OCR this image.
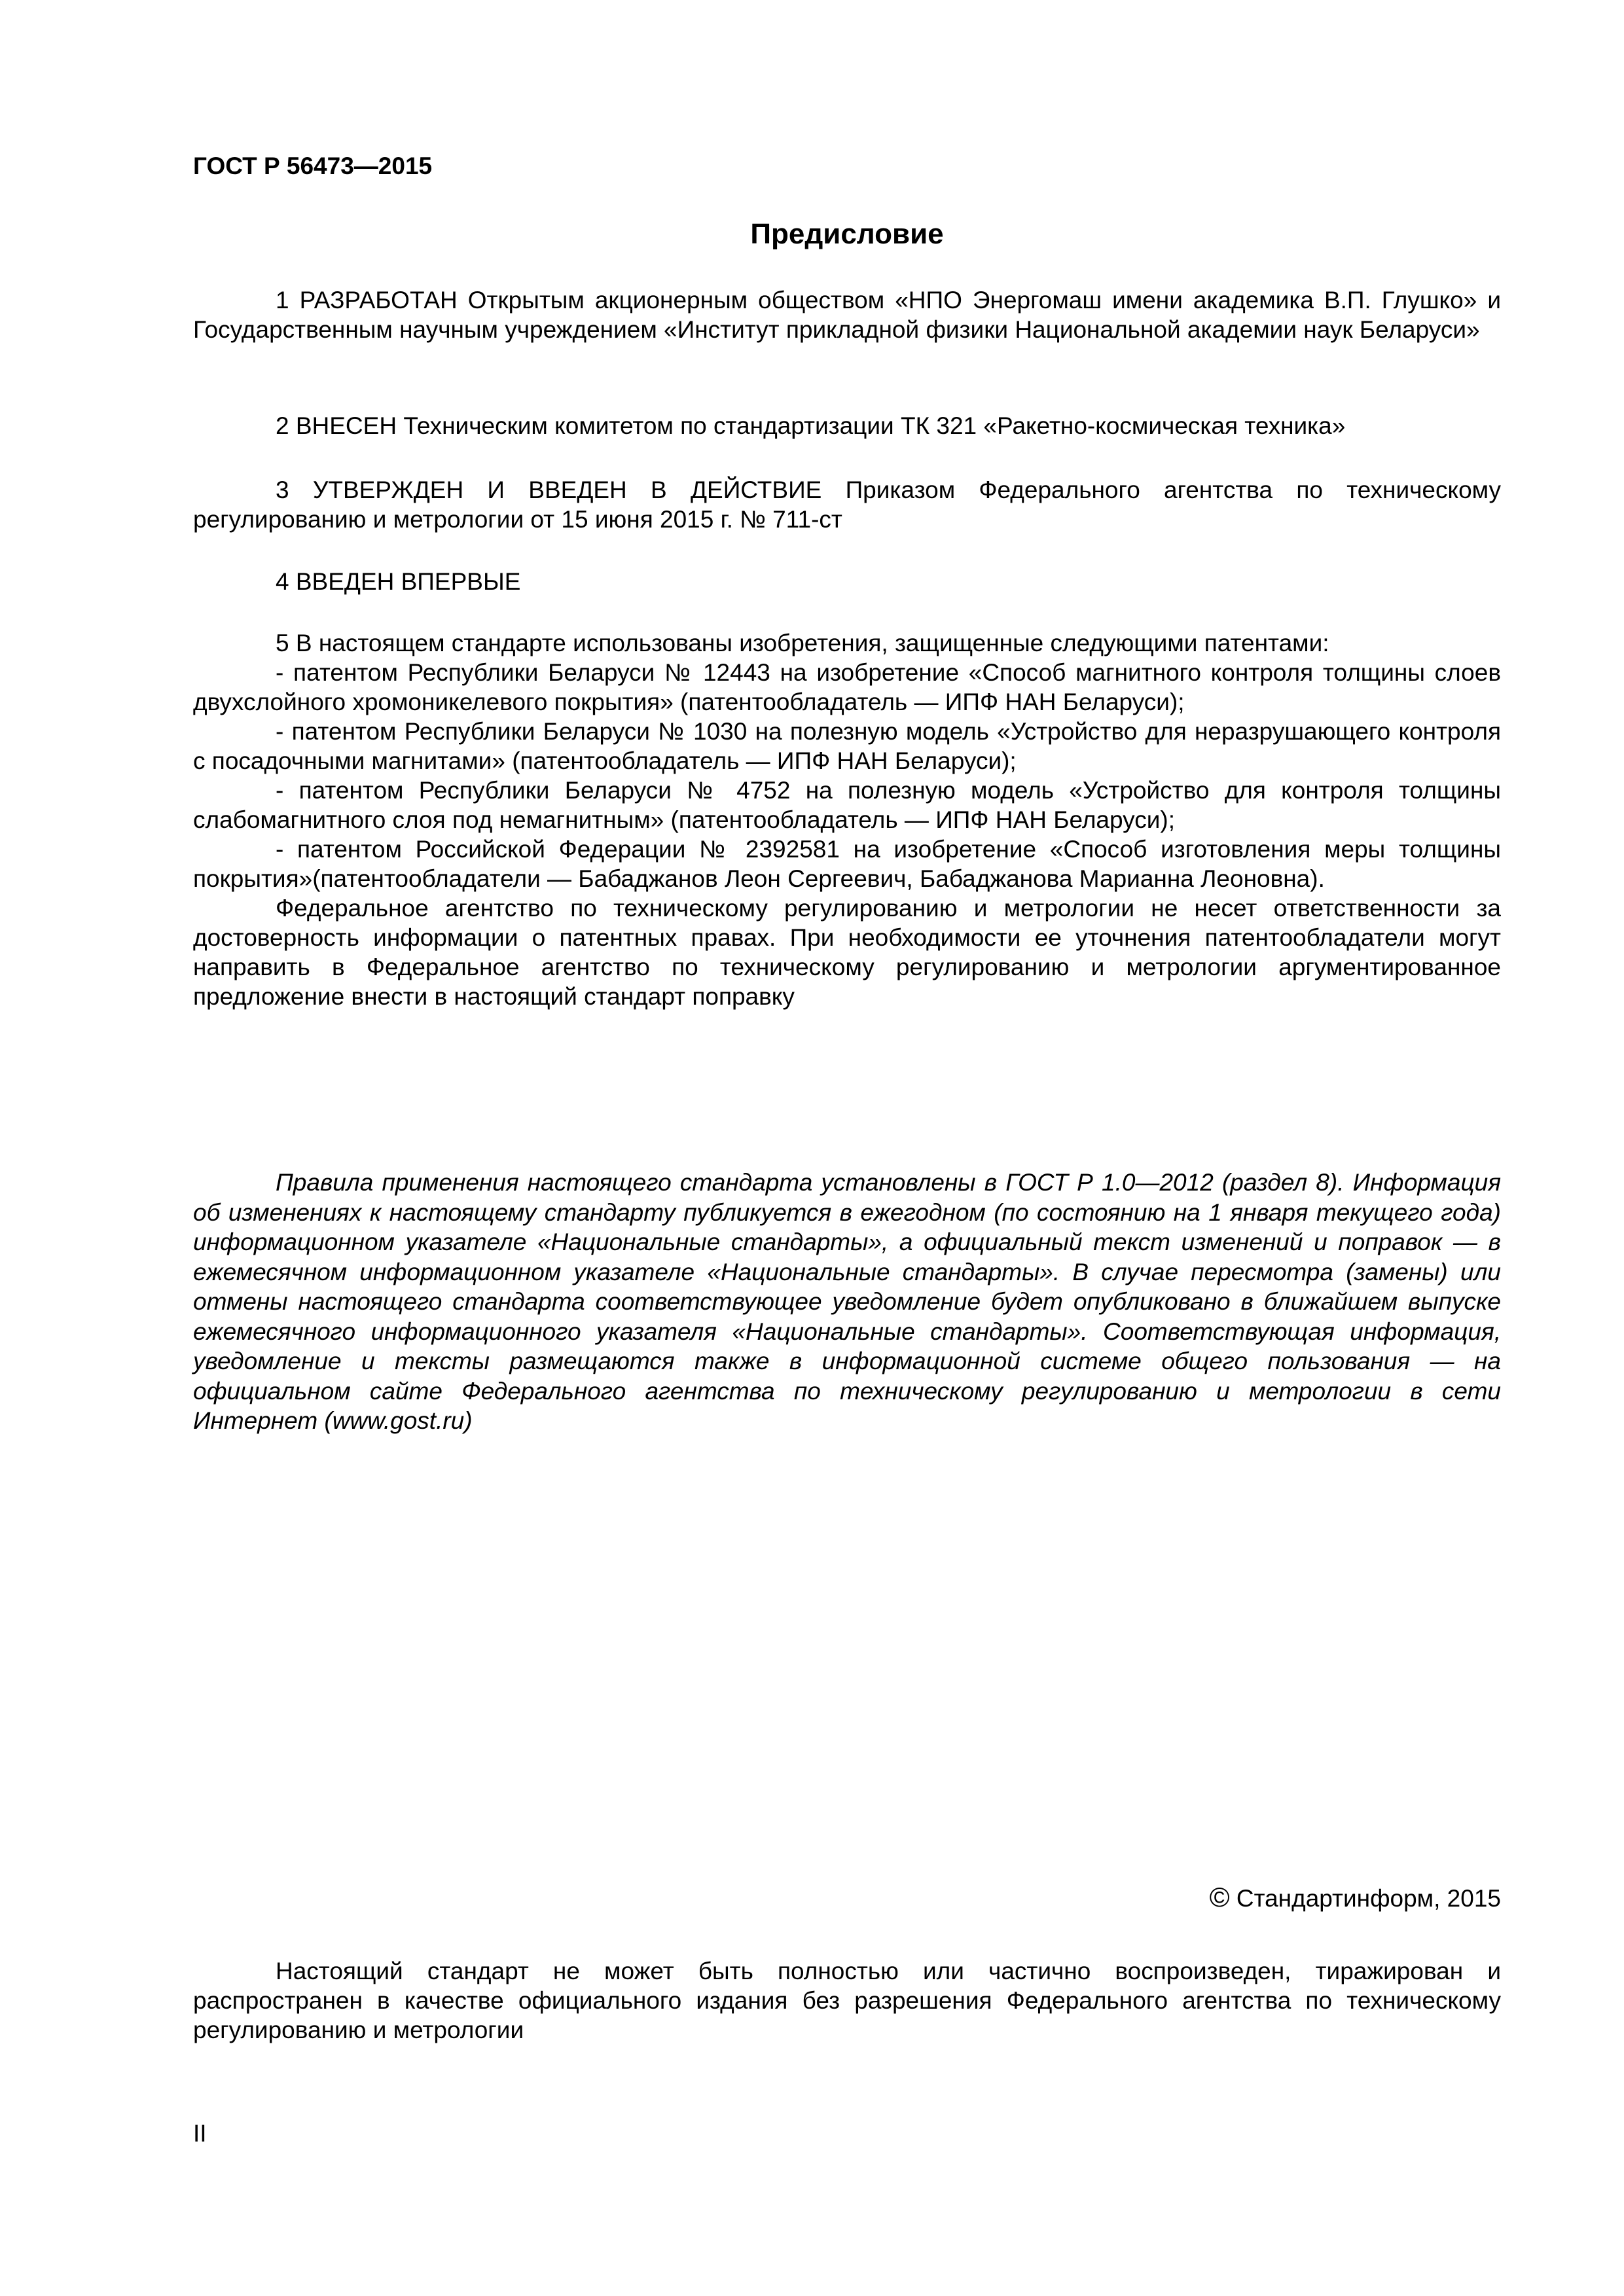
ГОСТ Р 56473—2015

Предисловие

1 РАЗРАБОТАН Открытым акционерным обществом «НПО Энергомаш имени академика В.П. Глушко» и Государственным научным учреждением «Институт прикладной физики Национальной академии наук Беларуси»

2 ВНЕСЕН Техническим комитетом по стандартизации ТК 321 «Ракетно-космическая техника»

3 УТВЕРЖДЕН И ВВЕДЕН В ДЕЙСТВИЕ Приказом Федерального агентства по техническому регулированию и метрологии от 15 июня 2015 г. № 711-ст

4 ВВЕДЕН ВПЕРВЫЕ

5 В настоящем стандарте использованы изобретения, защищенные следующими патентами:

- патентом Республики Беларуси № 12443 на изобретение «Способ магнитного контроля толщины слоев двухслойного хромоникелевого покрытия» (патентообладатель — ИПФ НАН Беларуси);

- патентом Республики Беларуси № 1030 на полезную модель «Устройство для неразрушающего контроля с посадочными магнитами» (патентообладатель — ИПФ НАН Беларуси);

- патентом Республики Беларуси № 4752 на полезную модель «Устройство для контроля толщины слабомагнитного слоя под немагнитным» (патентообладатель — ИПФ НАН Беларуси);

- патентом Российской Федерации № 2392581 на изобретение «Способ изготовления меры толщины покрытия»(патентообладатели — Бабаджанов Леон Сергеевич, Бабаджанова Марианна Леоновна).

Федеральное агентство по техническому регулированию и метрологии не несет ответственности за достоверность информации о патентных правах. При необходимости ее уточнения патентообладатели могут направить в Федеральное агентство по техническому регулированию и метрологии аргументированное предложение внести в настоящий стандарт поправку

Правила применения настоящего стандарта установлены в ГОСТ Р 1.0—2012 (раздел 8). Информация об изменениях к настоящему стандарту публикуется в ежегодном (по состоянию на 1 января текущего года) информационном указателе «Национальные стандарты», а официальный текст изменений и поправок — в ежемесячном информационном указателе «Национальные стандарты». В случае пересмотра (замены) или отмены настоящего стандарта соответствующее уведомление будет опубликовано в ближайшем выпуске ежемесячного информационного указателя «Национальные стандарты». Соответствующая информация, уведомление и тексты размещаются также в информационной системе общего пользования — на официальном сайте Федерального агентства по техническому регулированию и метрологии в сети Интернет (www.gost.ru)

© Стандартинформ, 2015

Настоящий стандарт не может быть полностью или частично воспроизведен, тиражирован и распространен в качестве официального издания без разрешения Федерального агентства по техническому регулированию и метрологии

II
